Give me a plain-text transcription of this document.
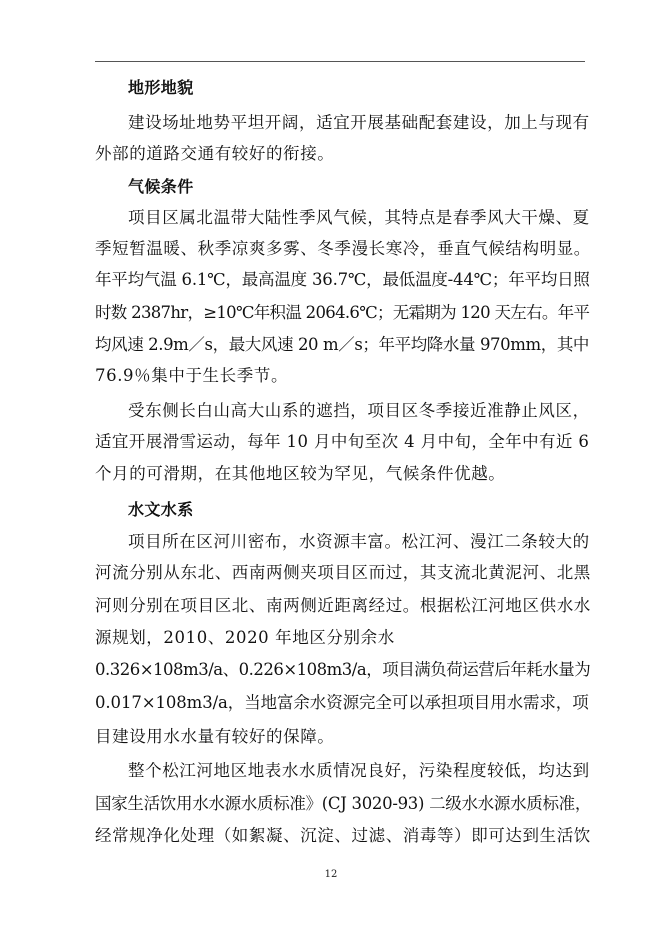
地形地貌
建设场址地势平坦开阔，适宜开展基础配套建设，加上与现有
外部的道路交通有较好的衔接。
气候条件
项目区属北温带大陆性季风气候，其特点是春季风大干燥、夏
季短暂温暖、秋季凉爽多雾、冬季漫长寒冷，垂直气候结构明显。
年平均气温 6.1℃，最高温度 36.7℃，最低温度-44℃；年平均日照
时数 2387hr，≥10℃年积温 2064.6℃；无霜期为 120 天左右。年平
均风速 2.9m／s，最大风速 20 m／s；年平均降水量 970mm，其中
76.9％集中于生长季节。
受东侧长白山高大山系的遮挡，项目区冬季接近准静止风区，
适宜开展滑雪运动，每年 10 月中旬至次 4 月中旬，全年中有近 6
个月的可滑期，在其他地区较为罕见，气候条件优越。
水文水系
项目所在区河川密布，水资源丰富。松江河、漫江二条较大的
河流分别从东北、西南两侧夹项目区而过，其支流北黄泥河、北黑
河则分别在项目区北、南两侧近距离经过。根据松江河地区供水水
源规划，2010、2020 年地区分别余水
0.326×108m3/a、0.226×108m3/a，项目满负荷运营后年耗水量为
0.017×108m3/a，当地富余水资源完全可以承担项目用水需求，项
目建设用水水量有较好的保障。
整个松江河地区地表水水质情况良好，污染程度较低，均达到
国家生活饮用水水源水质标准》(CJ 3020-93) 二级水水源水质标准，
经常规净化处理（如絮凝、沉淀、过滤、消毒等）即可达到生活饮
12
